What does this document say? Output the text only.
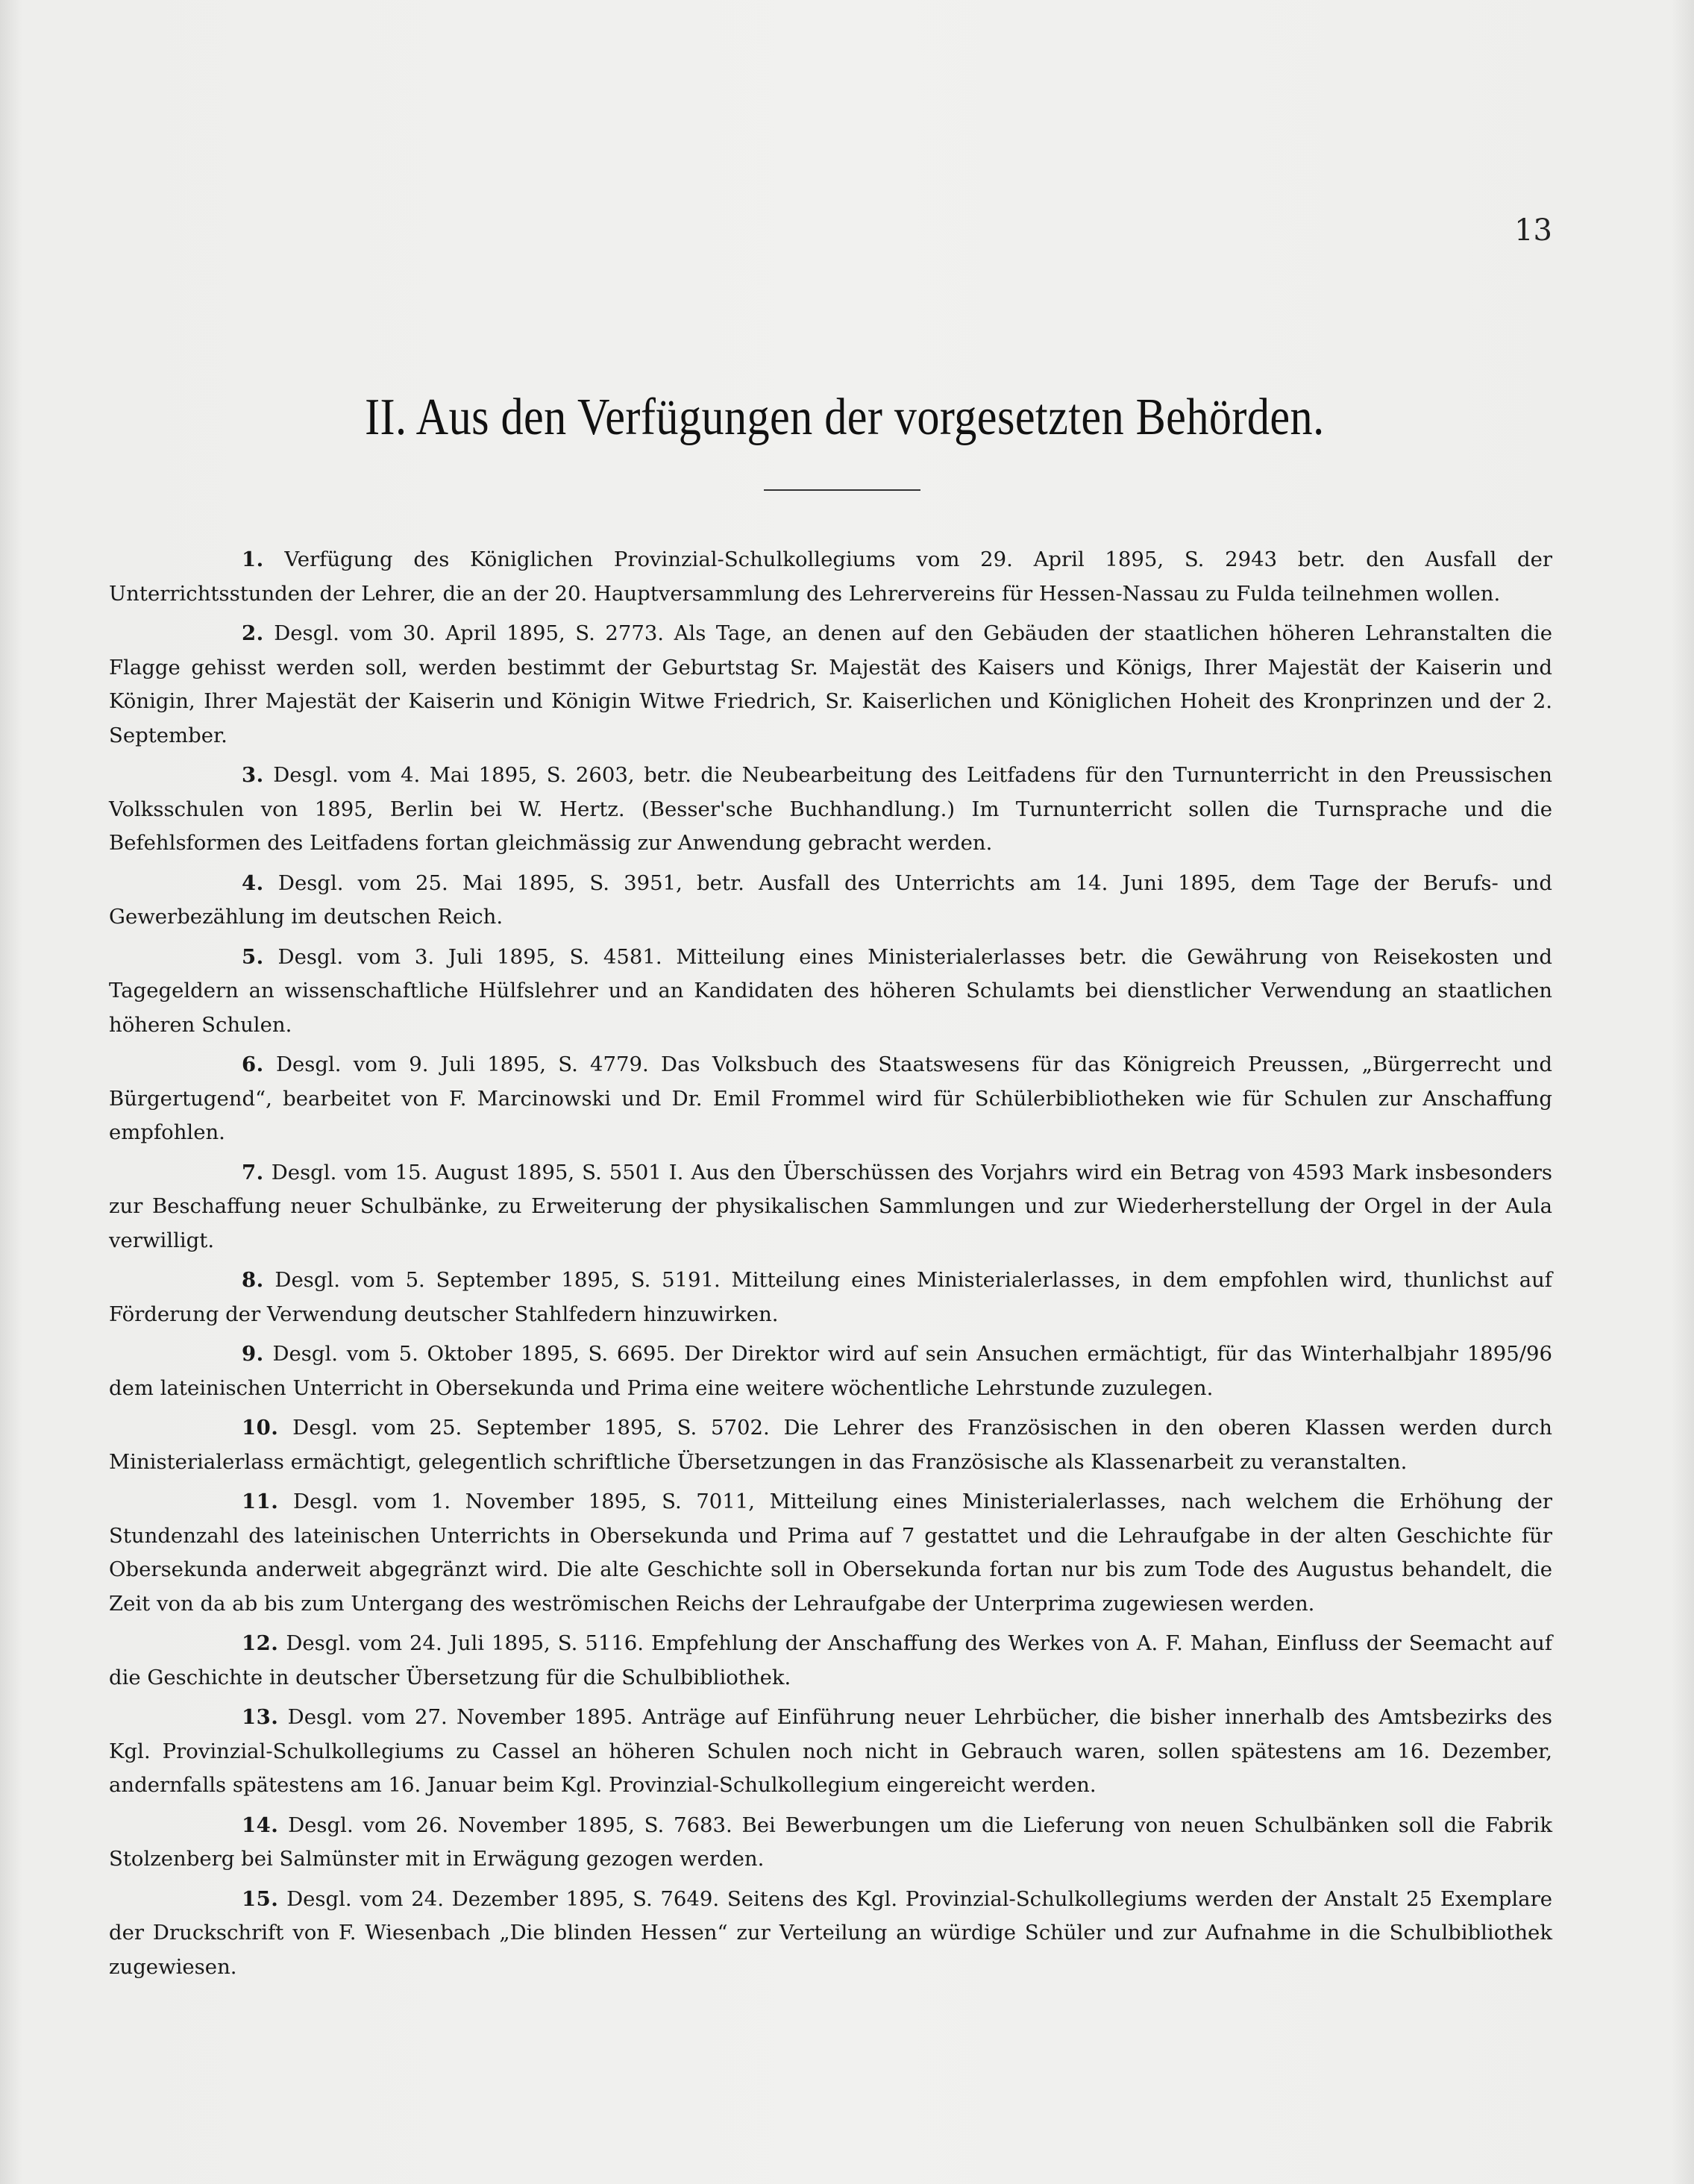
13
II. Aus den Verfügungen der vorgesetzten Behörden.

1. Verfügung des Königlichen Provinzial-Schulkollegiums vom 29. April 1895, S. 2943 betr. den Ausfall der Unterrichtsstunden der Lehrer, die an der 20. Hauptversammlung des Lehrervereins für Hessen-Nassau zu Fulda teilnehmen wollen.

2. Desgl. vom 30. April 1895, S. 2773. Als Tage, an denen auf den Gebäuden der staatlichen höheren Lehranstalten die Flagge gehisst werden soll, werden bestimmt der Geburtstag Sr. Majestät des Kaisers und Königs, Ihrer Majestät der Kaiserin und Königin, Ihrer Majestät der Kaiserin und Königin Witwe Friedrich, Sr. Kaiserlichen und Königlichen Hoheit des Kronprinzen und der 2. September.

3. Desgl. vom 4. Mai 1895, S. 2603, betr. die Neubearbeitung des Leitfadens für den Turnunterricht in den Preussischen Volksschulen von 1895, Berlin bei W. Hertz. (Besser'sche Buchhandlung.) Im Turnunterricht sollen die Turnsprache und die Befehlsformen des Leitfadens fortan gleichmässig zur Anwendung gebracht werden.

4. Desgl. vom 25. Mai 1895, S. 3951, betr. Ausfall des Unterrichts am 14. Juni 1895, dem Tage der Berufs- und Gewerbezählung im deutschen Reich.

5. Desgl. vom 3. Juli 1895, S. 4581. Mitteilung eines Ministerialerlasses betr. die Gewährung von Reisekosten und Tagegeldern an wissenschaftliche Hülfslehrer und an Kandidaten des höheren Schulamts bei dienstlicher Verwendung an staatlichen höheren Schulen.

6. Desgl. vom 9. Juli 1895, S. 4779. Das Volksbuch des Staatswesens für das Königreich Preussen, „Bürgerrecht und Bürgertugend“, bearbeitet von F. Marcinowski und Dr. Emil Frommel wird für Schülerbibliotheken wie für Schulen zur Anschaffung empfohlen.

7. Desgl. vom 15. August 1895, S. 5501 I. Aus den Überschüssen des Vorjahrs wird ein Betrag von 4593 Mark insbesonders zur Beschaffung neuer Schulbänke, zu Erweiterung der physikalischen Sammlungen und zur Wiederherstellung der Orgel in der Aula verwilligt.

8. Desgl. vom 5. September 1895, S. 5191. Mitteilung eines Ministerialerlasses, in dem empfohlen wird, thunlichst auf Förderung der Verwendung deutscher Stahlfedern hinzuwirken.

9. Desgl. vom 5. Oktober 1895, S. 6695. Der Direktor wird auf sein Ansuchen ermächtigt, für das Winterhalbjahr 1895/96 dem lateinischen Unterricht in Obersekunda und Prima eine weitere wöchentliche Lehrstunde zuzulegen.

10. Desgl. vom 25. September 1895, S. 5702. Die Lehrer des Französischen in den oberen Klassen werden durch Ministerialerlass ermächtigt, gelegentlich schriftliche Übersetzungen in das Französische als Klassenarbeit zu veranstalten.

11. Desgl. vom 1. November 1895, S. 7011, Mitteilung eines Ministerialerlasses, nach welchem die Erhöhung der Stundenzahl des lateinischen Unterrichts in Obersekunda und Prima auf 7 gestattet und die Lehraufgabe in der alten Geschichte für Obersekunda anderweit abgegränzt wird. Die alte Geschichte soll in Obersekunda fortan nur bis zum Tode des Augustus behandelt, die Zeit von da ab bis zum Untergang des weströmischen Reichs der Lehraufgabe der Unterprima zugewiesen werden.

12. Desgl. vom 24. Juli 1895, S. 5116. Empfehlung der Anschaffung des Werkes von A. F. Mahan, Einfluss der Seemacht auf die Geschichte in deutscher Übersetzung für die Schulbibliothek.

13. Desgl. vom 27. November 1895. Anträge auf Einführung neuer Lehrbücher, die bisher innerhalb des Amtsbezirks des Kgl. Provinzial-Schulkollegiums zu Cassel an höheren Schulen noch nicht in Gebrauch waren, sollen spätestens am 16. Dezember, andernfalls spätestens am 16. Januar beim Kgl. Provinzial-Schulkollegium eingereicht werden.

14. Desgl. vom 26. November 1895, S. 7683. Bei Bewerbungen um die Lieferung von neuen Schulbänken soll die Fabrik Stolzenberg bei Salmünster mit in Erwägung gezogen werden.

15. Desgl. vom 24. Dezember 1895, S. 7649. Seitens des Kgl. Provinzial-Schulkollegiums werden der Anstalt 25 Exemplare der Druckschrift von F. Wiesenbach „Die blinden Hessen“ zur Verteilung an würdige Schüler und zur Aufnahme in die Schulbibliothek zugewiesen.
